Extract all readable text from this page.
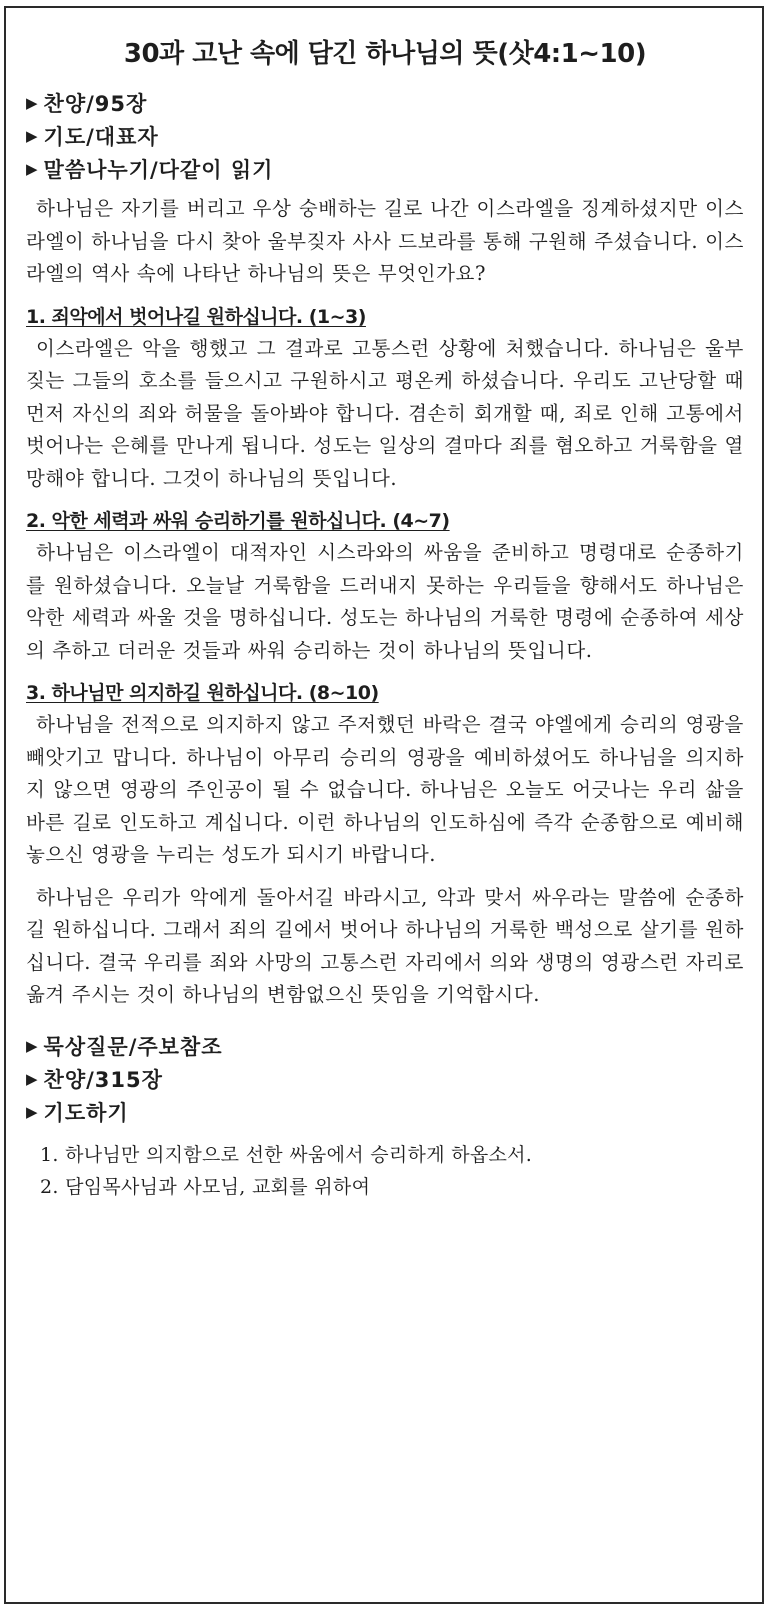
30과 고난 속에 담긴 하나님의 뜻(삿4:1~10)
▶ 찬양/95장
▶ 기도/대표자
▶ 말씀나누기/다같이 읽기

하나님은 자기를 버리고 우상 숭배하는 길로 나간 이스라엘을 징계하셨지만 이스라엘이 하나님을 다시 찾아 울부짖자 사사 드보라를 통해 구원해 주셨습니다. 이스라엘의 역사 속에 나타난 하나님의 뜻은 무엇인가요?

1. 죄악에서 벗어나길 원하십니다. (1~3)

이스라엘은 악을 행했고 그 결과로 고통스런 상황에 처했습니다. 하나님은 울부짖는 그들의 호소를 들으시고 구원하시고 평온케 하셨습니다. 우리도 고난당할 때 먼저 자신의 죄와 허물을 돌아봐야 합니다. 겸손히 회개할 때, 죄로 인해 고통에서 벗어나는 은혜를 만나게 됩니다. 성도는 일상의 결마다 죄를 혐오하고 거룩함을 열망해야 합니다. 그것이 하나님의 뜻입니다.

2. 악한 세력과 싸워 승리하기를 원하십니다. (4~7)

하나님은 이스라엘이 대적자인 시스라와의 싸움을 준비하고 명령대로 순종하기를 원하셨습니다. 오늘날 거룩함을 드러내지 못하는 우리들을 향해서도 하나님은 악한 세력과 싸울 것을 명하십니다. 성도는 하나님의 거룩한 명령에 순종하여 세상의 추하고 더러운 것들과 싸워 승리하는 것이 하나님의 뜻입니다.

3. 하나님만 의지하길 원하십니다. (8~10)

하나님을 전적으로 의지하지 않고 주저했던 바락은 결국 야엘에게 승리의 영광을 빼앗기고 맙니다. 하나님이 아무리 승리의 영광을 예비하셨어도 하나님을 의지하지 않으면 영광의 주인공이 될 수 없습니다. 하나님은 오늘도 어긋나는 우리 삶을 바른 길로 인도하고 계십니다. 이런 하나님의 인도하심에 즉각 순종함으로 예비해 놓으신 영광을 누리는 성도가 되시기 바랍니다.

하나님은 우리가 악에게 돌아서길 바라시고, 악과 맞서 싸우라는 말씀에 순종하길 원하십니다. 그래서 죄의 길에서 벗어나 하나님의 거룩한 백성으로 살기를 원하십니다. 결국 우리를 죄와 사망의 고통스런 자리에서 의와 생명의 영광스런 자리로 옮겨 주시는 것이 하나님의 변함없으신 뜻임을 기억합시다.

▶ 묵상질문/주보참조
▶ 찬양/315장
▶ 기도하기
1. 하나님만 의지함으로 선한 싸움에서 승리하게 하옵소서.
2. 담임목사님과 사모님, 교회를 위하여
